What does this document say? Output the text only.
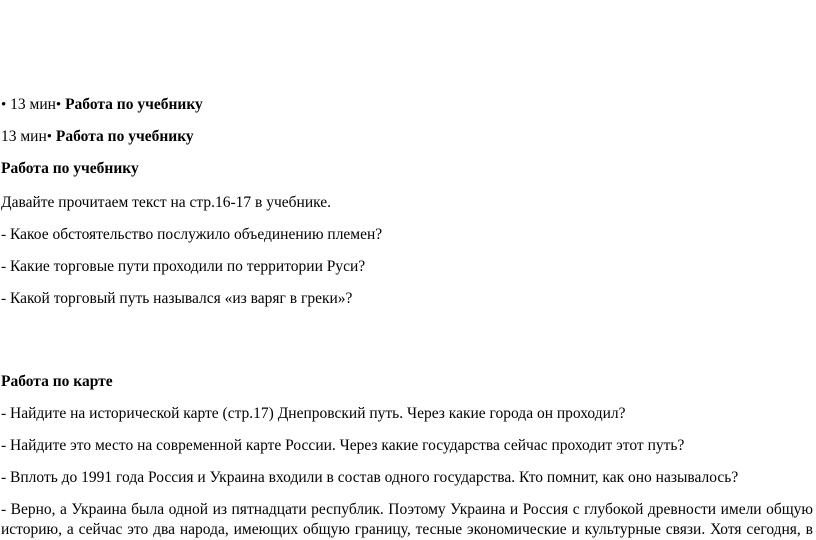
• 13 мин• Работа по учебнику
13 мин• Работа по учебнику
Работа по учебнику
Давайте прочитаем текст на стр.16-17 в учебнике.
- Какое обстоятельство послужило объединению племен?
- Какие торговые пути проходили по территории Руси?
- Какой торговый путь назывался «из варяг в греки»?
Работа по карте
- Найдите на исторической карте (стр.17) Днепровский путь. Через какие города он проходил?
- Найдите это место на современной карте России. Через какие государства сейчас проходит этот путь?
- Вплоть до 1991 года Россия и Украина входили в состав одного государства. Кто помнит, как оно называлось?
- Верно, а Украина была одной из пятнадцати республик. Поэтому Украина и Россия с глубокой древности имели общую
историю, а сейчас это два народа, имеющих общую границу, тесные экономические и культурные связи. Хотя сегодня, в
